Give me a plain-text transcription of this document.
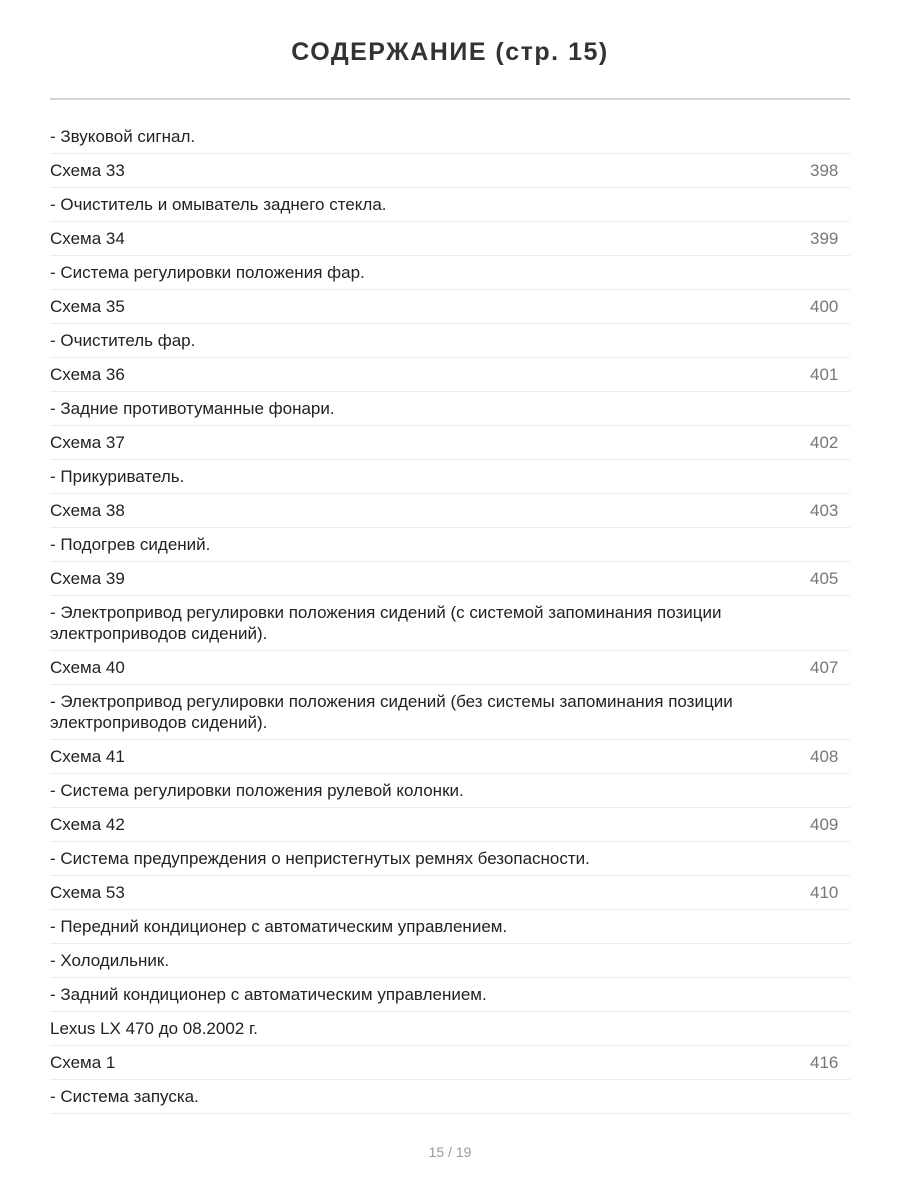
СОДЕРЖАНИЕ (стр. 15)
- Звуковой сигнал.
Схема 33	398
- Очиститель и омыватель заднего стекла.
Схема 34	399
- Система регулировки положения фар.
Схема 35	400
- Очиститель фар.
Схема 36	401
- Задние противотуманные фонари.
Схема 37	402
- Прикуриватель.
Схема 38	403
- Подогрев сидений.
Схема 39	405
- Электропривод регулировки положения сидений (с системой запоминания позиции электроприводов сидений).
Схема 40	407
- Электропривод регулировки положения сидений (без системы запоминания позиции электроприводов сидений).
Схема 41	408
- Система регулировки положения рулевой колонки.
Схема 42	409
- Система предупреждения о непристегнутых ремнях безопасности.
Схема 53	410
- Передний кондиционер с автоматическим управлением.
- Холодильник.
- Задний кондиционер с автоматическим управлением.
Lexus LX 470 до 08.2002 г.
Схема 1	416
- Система запуска.
15 / 19
